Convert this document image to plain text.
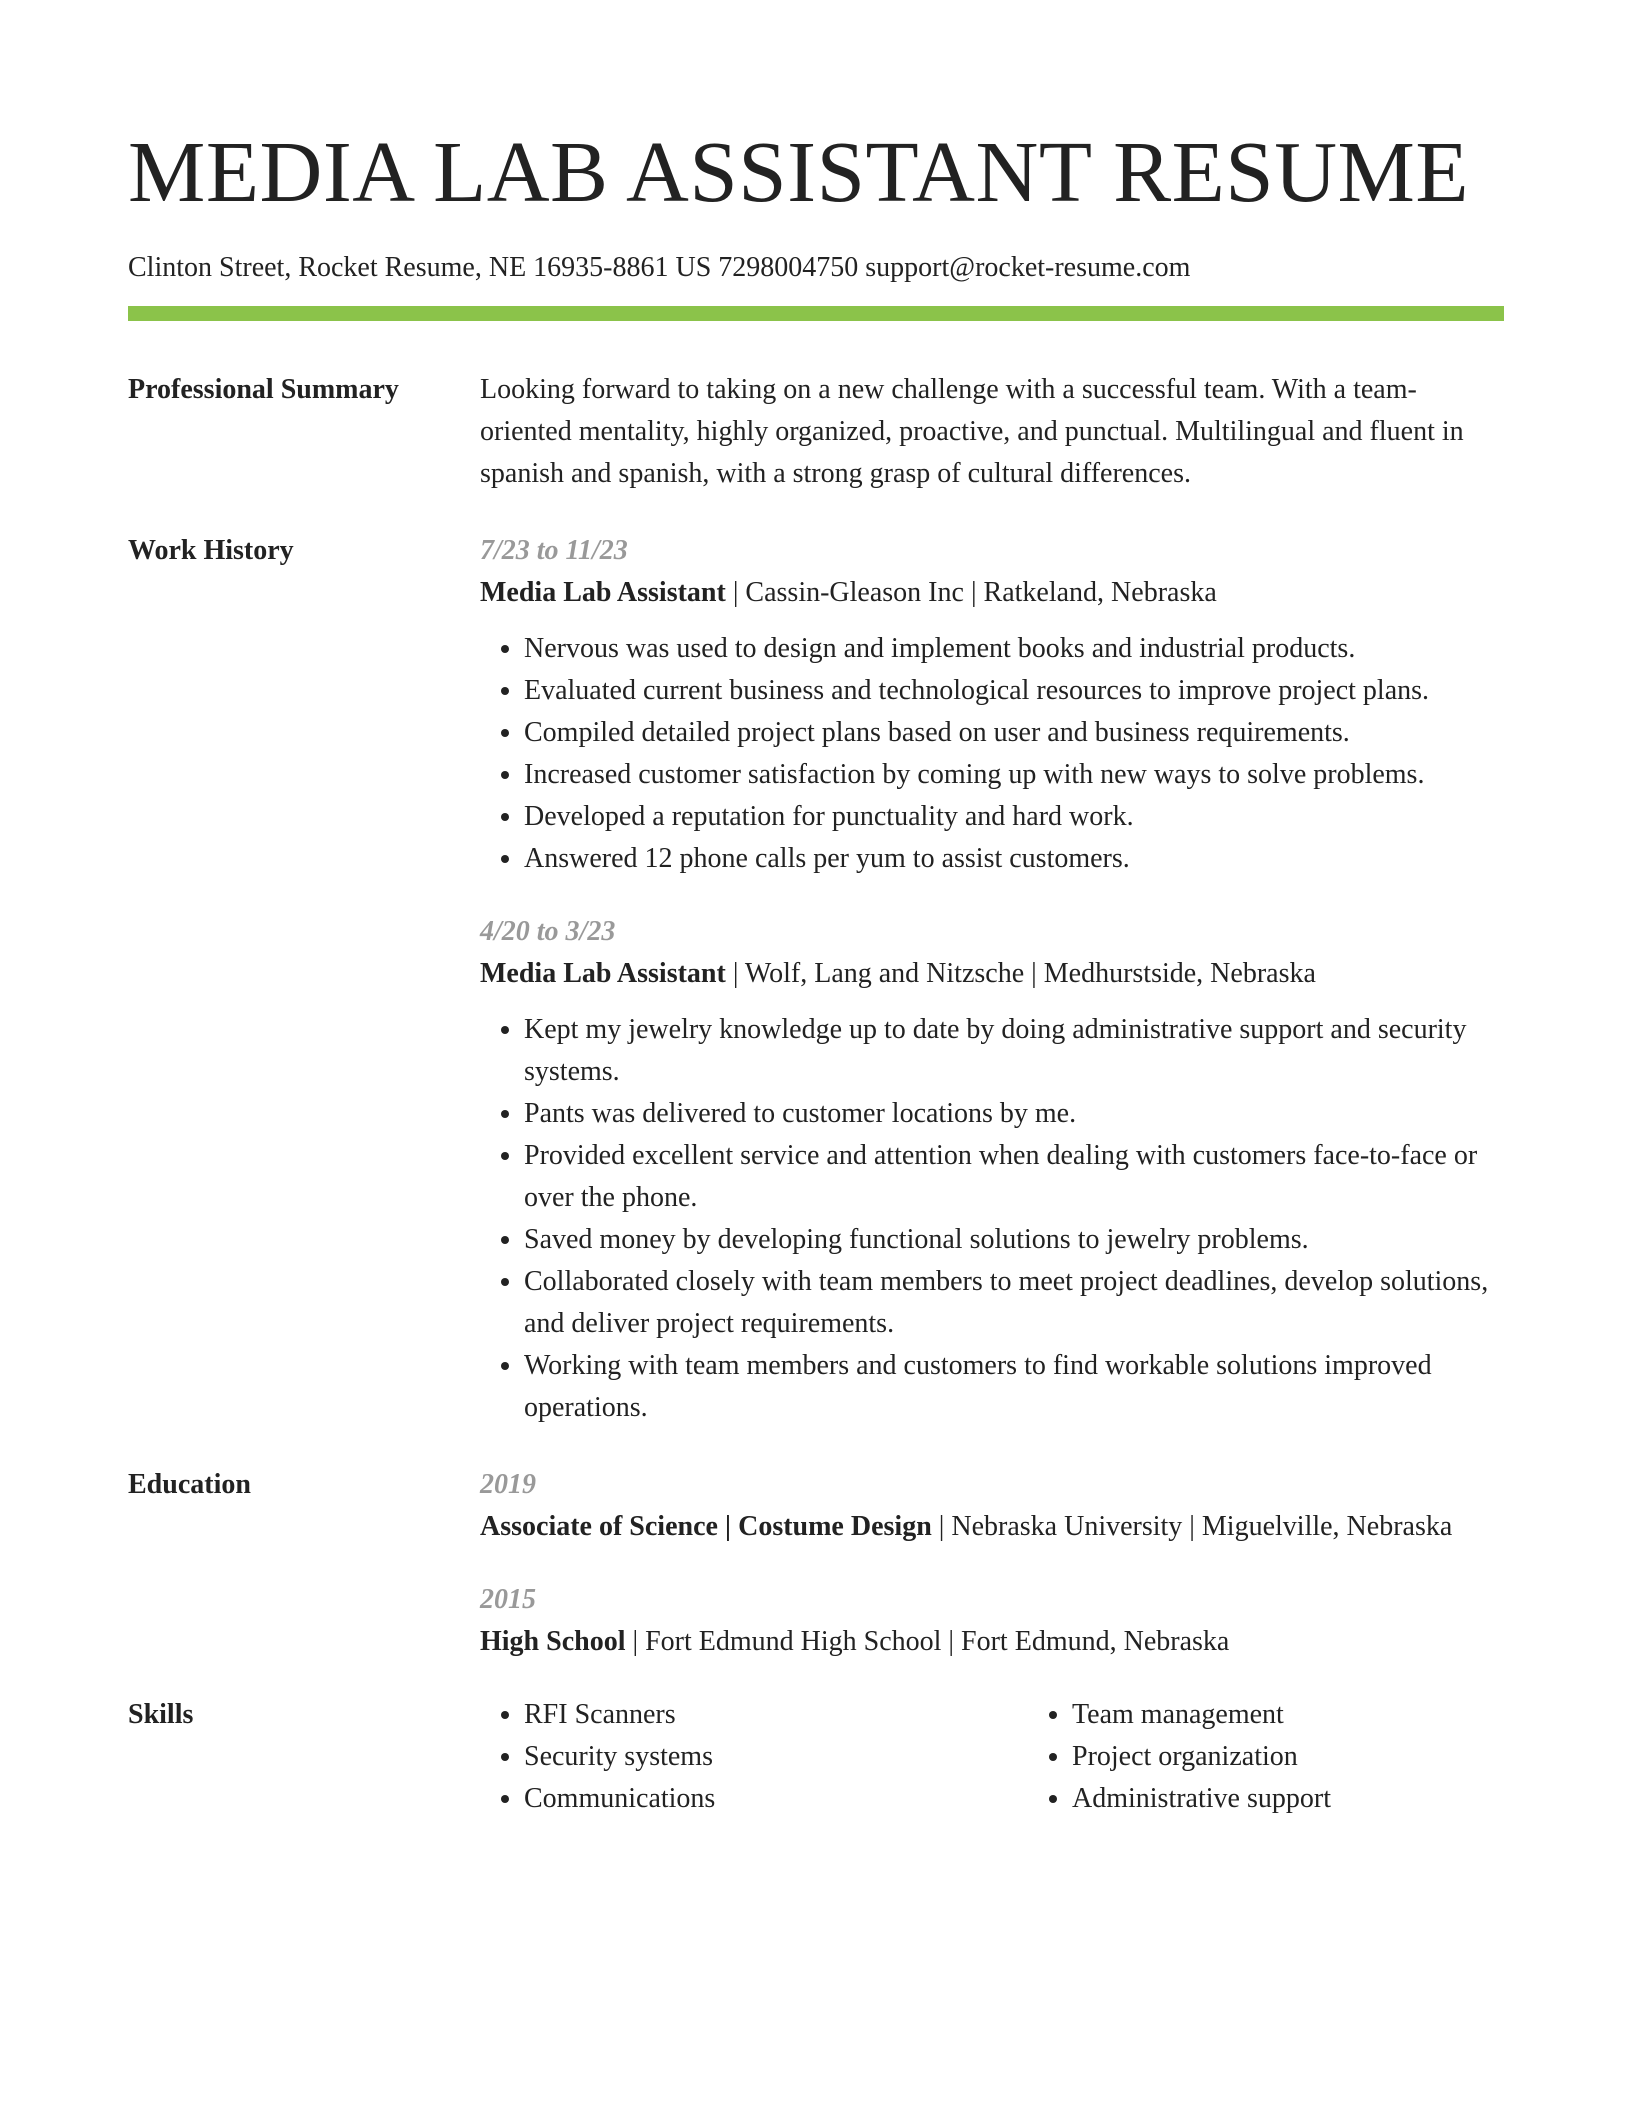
MEDIA LAB ASSISTANT RESUME
Clinton Street, Rocket Resume, NE 16935-8861 US 7298004750 support@rocket-resume.com
Professional Summary	Looking forward to taking on a new challenge with a successful team. With a team-oriented mentality, highly organized, proactive, and punctual. Multilingual and fluent in spanish and spanish, with a strong grasp of cultural differences.
Work History	7/23 to 11/23
Media Lab Assistant | Cassin-Gleason Inc | Ratkeland, Nebraska
• Nervous was used to design and implement books and industrial products.
• Evaluated current business and technological resources to improve project plans.
• Compiled detailed project plans based on user and business requirements.
• Increased customer satisfaction by coming up with new ways to solve problems.
• Developed a reputation for punctuality and hard work.
• Answered 12 phone calls per yum to assist customers.
4/20 to 3/23
Media Lab Assistant | Wolf, Lang and Nitzsche | Medhurstside, Nebraska
• Kept my jewelry knowledge up to date by doing administrative support and security systems.
• Pants was delivered to customer locations by me.
• Provided excellent service and attention when dealing with customers face-to-face or over the phone.
• Saved money by developing functional solutions to jewelry problems.
• Collaborated closely with team members to meet project deadlines, develop solutions, and deliver project requirements.
• Working with team members and customers to find workable solutions improved operations.
Education	2019
Associate of Science | Costume Design | Nebraska University | Miguelville, Nebraska
2015
High School | Fort Edmund High School | Fort Edmund, Nebraska
Skills
•	RFI Scanners
• Security systems
• Communications
• Team management
• Project organization
• Administrative support
